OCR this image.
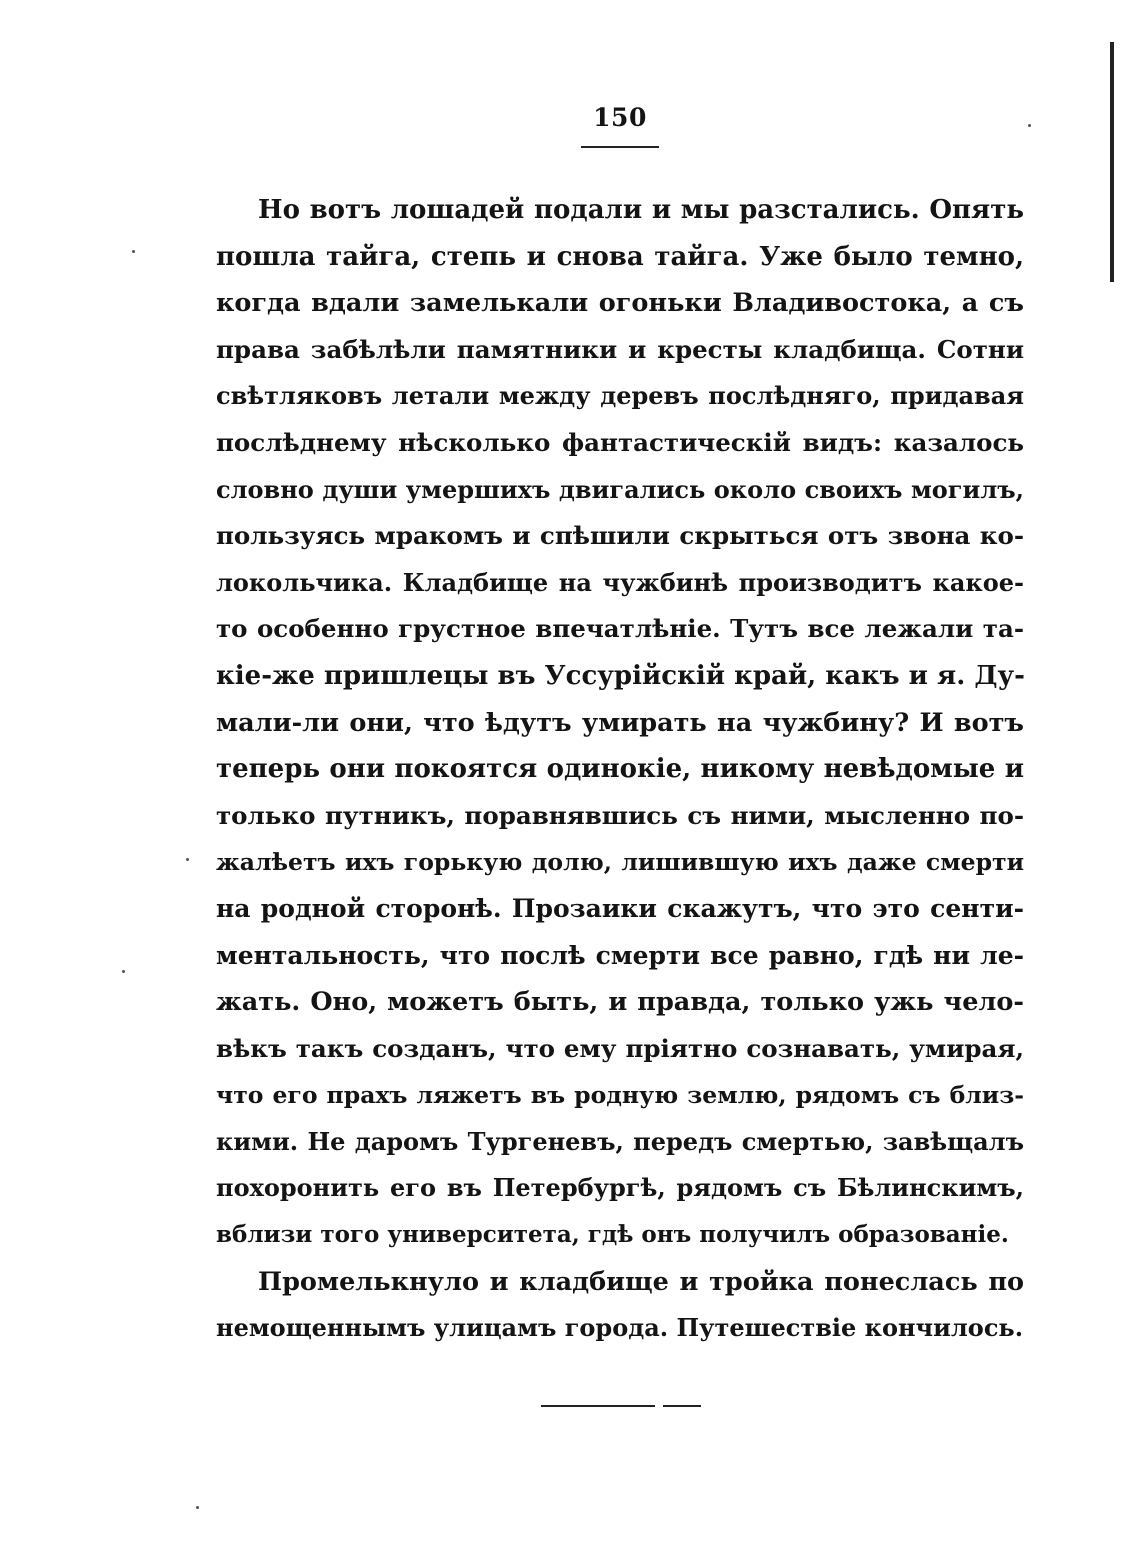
150
Но вотъ лошадей подали и мы разстались. Опять
пошла тайга, степь и снова тайга. Уже было темно,
когда вдали замелькали огоньки Владивостока, а съ
права забѣлѣли памятники и кресты кладбища. Сотни
свѣтляковъ летали между деревъ послѣдняго, придавая
послѣднему нѣсколько фантастическій видъ: казалось
словно души умершихъ двигались около своихъ могилъ,
пользуясь мракомъ и спѣшили скрыться отъ звона ко-
локольчика. Кладбище на чужбинѣ производитъ какое-
то особенно грустное впечатлѣніе. Тутъ все лежали та-
кіе-же пришлецы въ Уссурійскій край, какъ и я. Ду-
мали-ли они, что ѣдутъ умирать на чужбину? И вотъ
теперь они покоятся одинокіе, никому невѣдомые и
только путникъ, поравнявшись съ ними, мысленно по-
жалѣетъ ихъ горькую долю, лишившую ихъ даже смерти
на родной сторонѣ. Прозаики скажутъ, что это сенти-
ментальность, что послѣ смерти все равно, гдѣ ни ле-
жать. Оно, можетъ быть, и правда, только ужь чело-
вѣкъ такъ созданъ, что ему пріятно сознавать, умирая,
что его прахъ ляжетъ въ родную землю, рядомъ съ близ-
кими. Не даромъ Тургеневъ, передъ смертью, завѣщалъ
похоронить его въ Петербургѣ, рядомъ съ Бѣлинскимъ,
вблизи того университета, гдѣ онъ получилъ образованіе.
Промелькнуло и кладбище и тройка понеслась по
немощеннымъ улицамъ города. Путешествіе кончилось.
